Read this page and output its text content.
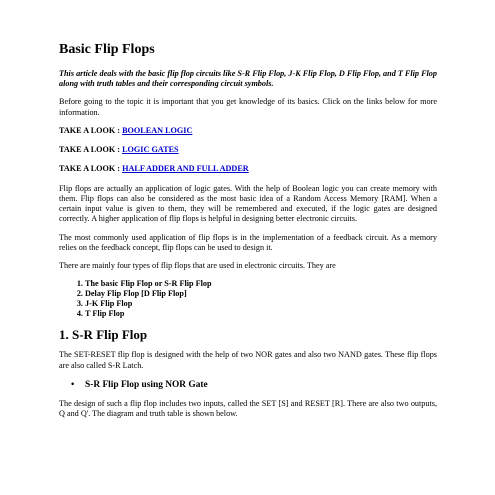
Basic Flip Flops

This article deals with the basic flip flop circuits like S-R Flip Flop, J-K Flip Flop, D Flip Flop, and T Flip Flop along with truth tables and their corresponding circuit symbols.

Before going to the topic it is important that you get knowledge of its basics. Click on the links below for more information.

TAKE A LOOK : BOOLEAN LOGIC
TAKE A LOOK : LOGIC GATES
TAKE A LOOK : HALF ADDER AND FULL ADDER

Flip flops are actually an application of logic gates. With the help of Boolean logic you can create memory with them. Flip flops can also be considered as the most basic idea of a Random Access Memory [RAM]. When a certain input value is given to them, they will be remembered and executed, if the logic gates are designed correctly. A higher application of flip flops is helpful in designing better electronic circuits.

The most commonly used application of flip flops is in the implementation of a feedback circuit. As a memory relies on the feedback concept, flip flops can be used to design it.

There are mainly four types of flip flops that are used in electronic circuits. They are

1. The basic Flip Flop or S-R Flip Flop
2. Delay Flip Flop [D Flip Flop]
3. J-K Flip Flop
4. T Flip Flop
1. S-R Flip Flop

The SET-RESET flip flop is designed with the help of two NOR gates and also two NAND gates. These flip flops are also called S-R Latch.

• S-R Flip Flop using NOR Gate

The design of such a flip flop includes two inputs, called the SET [S] and RESET [R]. There are also two outputs, Q and Q'. The diagram and truth table is shown below.
